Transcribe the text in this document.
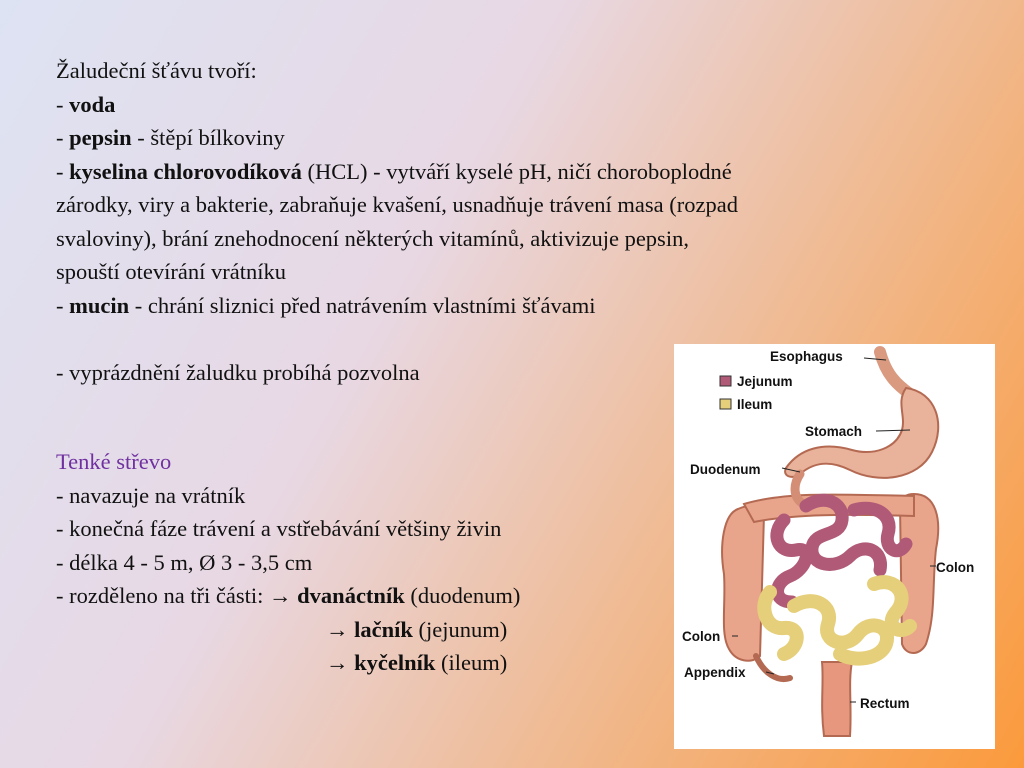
Žaludeční šťávu tvoří:
- voda
- pepsin - štěpí bílkoviny
- kyselina chlorovodíková (HCL) - vytváří kyselé pH, ničí choroboplodné
zárodky, viry a bakterie, zabraňuje kvašení, usnadňuje trávení masa (rozpad
svaloviny), brání znehodnocení některých vitamínů, aktivizuje pepsin,
spouští otevírání vrátníku
- mucin - chrání sliznici před natrávením vlastními šťávami
- vyprázdnění žaludku probíhá pozvolna
Tenké střevo
- navazuje na vrátník
- konečná fáze trávení a vstřebávání většiny živin
- délka 4 - 5 m, Ø 3 - 3,5 cm
- rozděleno na tři části: → dvanáctník (duodenum)
→ lačník (jejunum)
→ kyčelník (ileum)
Esophagus
Jejunum
Ileum
Stomach
Duodenum
Colon
Colon
Appendix
Rectum
